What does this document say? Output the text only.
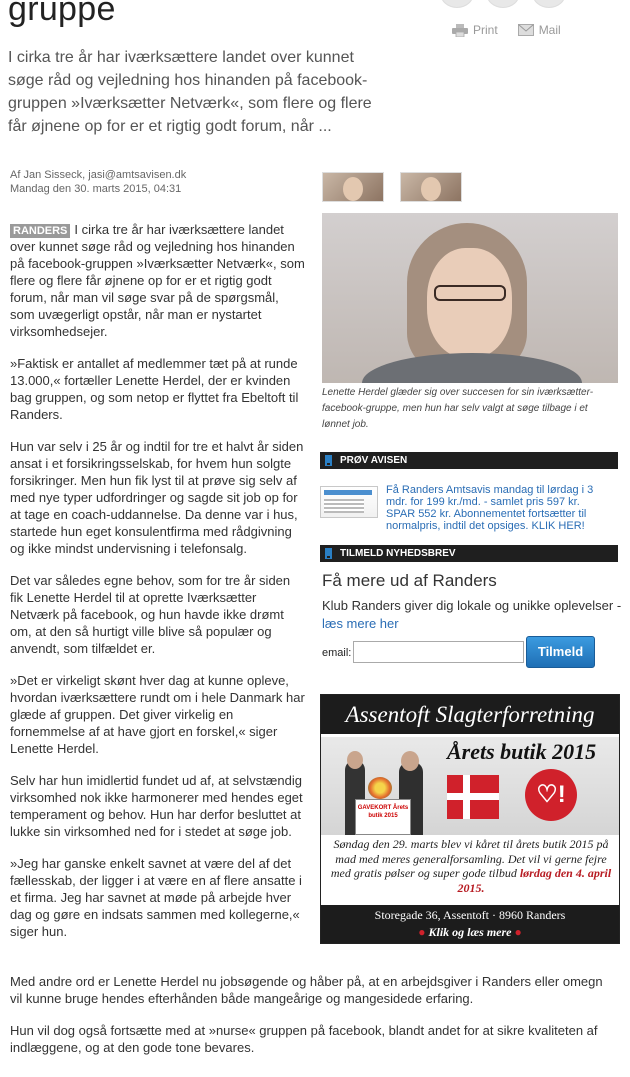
gruppe
Print	Mail

I cirka tre år har iværksættere landet over kunnet søge råd og vejledning hos hinanden på facebook-gruppen »Iværksætter Netværk«, som flere og flere får øjnene op for er et rigtig godt forum, når ...

Af Jan Sisseck, jasi@amtsavisen.dk
Mandag den 30. marts 2015, 04:31

RANDERS I cirka tre år har iværksættere landet over kunnet søge råd og vejledning hos hinanden på facebook-gruppen »Iværksætter Netværk«, som flere og flere får øjnene op for er et rigtig godt forum, når man vil søge svar på de spørgsmål, som uvægerligt opstår, når man er nystartet virksomhedsejer.

»Faktisk er antallet af medlemmer tæt på at runde 13.000,« fortæller Lenette Herdel, der er kvinden bag gruppen, og som netop er flyttet fra Ebeltoft til Randers.

Hun var selv i 25 år og indtil for tre et halvt år siden ansat i et forsikringsselskab, for hvem hun solgte forsikringer. Men hun fik lyst til at prøve sig selv af med nye typer udfordringer og sagde sit job op for at tage en coach-uddannelse. Da denne var i hus, startede hun eget konsulentfirma med rådgivning og ikke mindst undervisning i telefonsalg.

Det var således egne behov, som for tre år siden fik Lenette Herdel til at oprette Iværksætter Netværk på facebook, og hun havde ikke drømt om, at den så hurtigt ville blive så populær og anvendt, som tilfældet er.

»Det er virkeligt skønt hver dag at kunne opleve, hvordan iværksættere rundt om i hele Danmark har glæde af gruppen. Det giver virkelig en fornemmelse af at have gjort en forskel,« siger Lenette Herdel.

Selv har hun imidlertid fundet ud af, at selvstændig virksomhed nok ikke harmonerer med hendes eget temperament og behov. Hun har derfor besluttet at lukke sin virksomhed ned for i stedet at søge job.

»Jeg har ganske enkelt savnet at være del af det fællesskab, der ligger i at være en af flere ansatte i et firma. Jeg har savnet at møde på arbejde hver dag og gøre en indsats sammen med kollegerne,« siger hun.

Med andre ord er Lenette Herdel nu jobsøgende og håber på, at en arbejdsgiver i Randers eller omegn vil kunne bruge hendes efterhånden både mangeårige og mangesidede erfaring.

Hun vil dog også fortsætte med at »nurse« gruppen på facebook, blandt andet for at sikre kvaliteten af indlæggene, og at den gode tone bevares.

Lenette Herdel glæder sig over succesen for sin iværksætter-facebook-gruppe, men hun har selv valgt at søge tilbage i et lønnet job.

PRØV AVISEN
Få Randers Amtsavis mandag til lørdag i 3 mdr. for 199 kr./md. - samlet pris 597 kr. SPAR 552 kr. Abonnementet fortsætter til normalpris, indtil det opsiges. KLIK HER!
TILMELD NYHEDSBREV
Få mere ud af Randers
Klub Randers giver dig lokale og unikke oplevelser - læs mere her
email:	Tilmeld
Assentoft Slagterforretning
GAVEKORT Årets butik 2015
Årets butik 2015
♡!
Søndag den 29. marts blev vi kåret til årets butik 2015 på mad med meres generalforsamling. Det vil vi gerne fejre med gratis pølser og super gode tilbud lørdag den 4. april 2015.
Storegade 36, Assentoft · 8960 Randers
● Klik og læs mere ●
